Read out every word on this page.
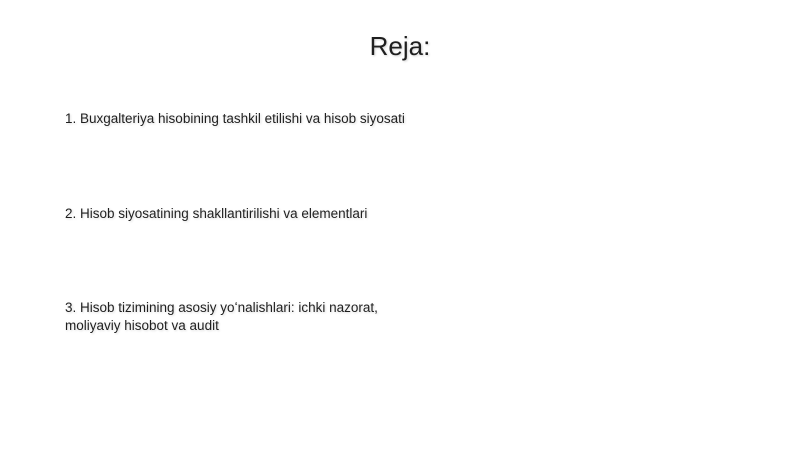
Reja:
1. Buxgalteriya hisobining tashkil etilishi va hisob siyosati
2. Hisob siyosatining shakllantirilishi va elementlari
3. Hisob tizimining asosiy yoʻnalishlari: ichki nazorat, moliyaviy hisobot va audit
